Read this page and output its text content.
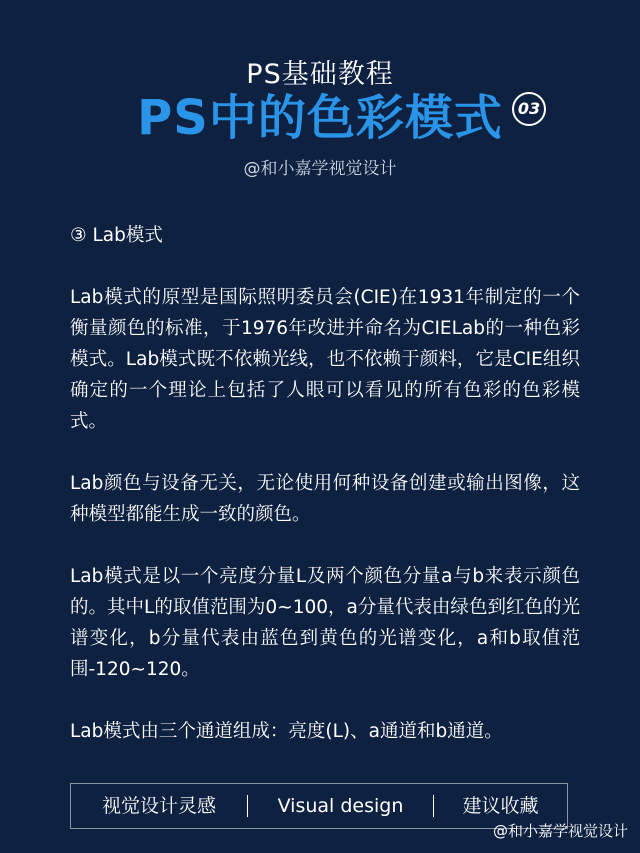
PS基础教程
PS中的色彩模式 03
@和小嘉学视觉设计
③ Lab模式
Lab模式的原型是国际照明委员会(CIE)在1931年制定的一个衡量颜色的标准，于1976年改进并命名为CIELab的一种色彩模式。Lab模式既不依赖光线，也不依赖于颜料，它是CIE组织确定的一个理论上包括了人眼可以看见的所有色彩的色彩模式。
Lab颜色与设备无关，无论使用何种设备创建或输出图像，这种模型都能生成一致的颜色。
Lab模式是以一个亮度分量L及两个颜色分量a与b来表示颜色的。其中L的取值范围为0~100，a分量代表由绿色到红色的光谱变化，b分量代表由蓝色到黄色的光谱变化，a和b取值范围-120~120。
Lab模式由三个通道组成：亮度(L)、a通道和b通道。
视觉设计灵感	Visual design	建议收藏
@和小嘉学视觉设计
